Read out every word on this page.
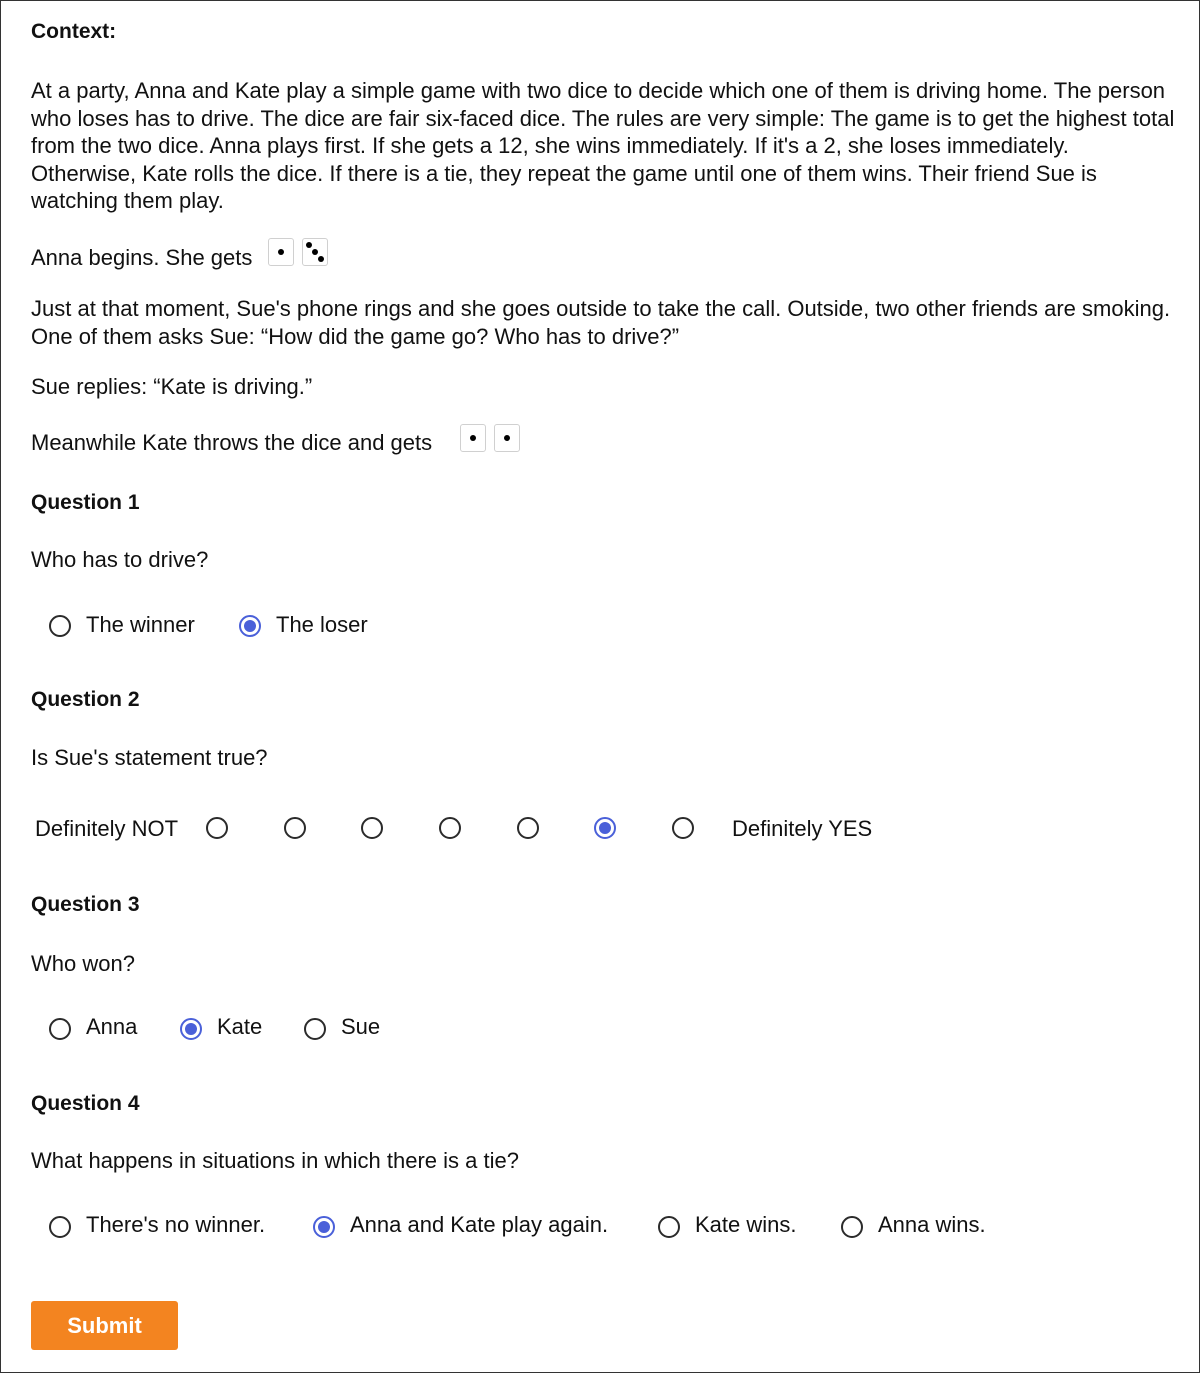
Context:
At a party, Anna and Kate play a simple game with two dice to decide which one of them is driving home. The person who loses has to drive. The dice are fair six-faced dice. The rules are very simple: The game is to get the highest total from the two dice. Anna plays first. If she gets a 12, she wins immediately. If it's a 2, she loses immediately. Otherwise, Kate rolls the dice. If there is a tie, they repeat the game until one of them wins. Their friend Sue is watching them play.
Anna begins. She gets
Just at that moment, Sue's phone rings and she goes outside to take the call. Outside, two other friends are smoking. One of them asks Sue: “How did the game go? Who has to drive?”
Sue replies: “Kate is driving.”
Meanwhile Kate throws the dice and gets
Question 1
Who has to drive?
The winner	The loser
Question 2
Is Sue's statement true?
Definitely NOT	Definitely YES
Question 3
Who won?
Anna	Kate	Sue
Question 4
What happens in situations in which there is a tie?
There's no winner.	Anna and Kate play again.	Kate wins.	Anna wins.
Submit
